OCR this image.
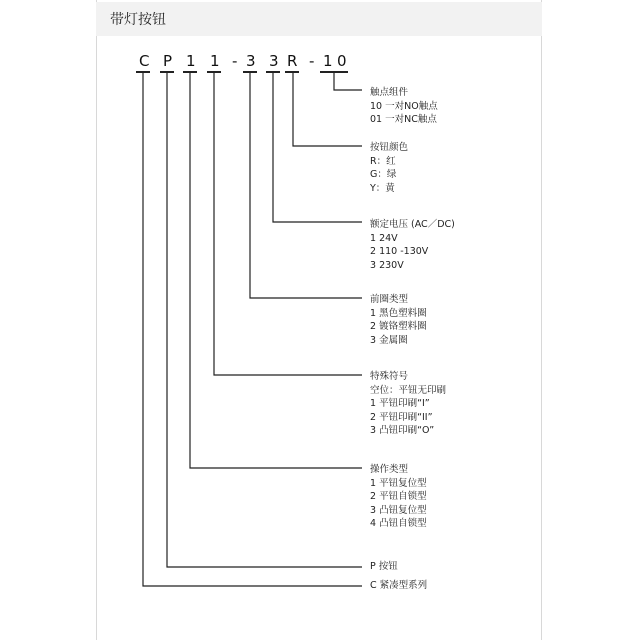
带灯按钮
C P 1 1 - 3 3 R - 1 0
触点组件
10 一对NO触点
01 一对NC触点
按钮颜色
R：红
G：绿
Y：黄
额定电压 (AC／DC)
1 24V
2 110 -130V
3 230V
前圈类型
1 黑色塑料圈
2 镀铬塑料圈
3 金属圈
特殊符号
空位：平钮无印刷
1 平钮印刷“I”
2 平钮印刷“II”
3 凸钮印刷“O”
操作类型
1 平钮复位型
2 平钮自锁型
3 凸钮复位型
4 凸钮自锁型
P 按钮
C 紧凑型系列
